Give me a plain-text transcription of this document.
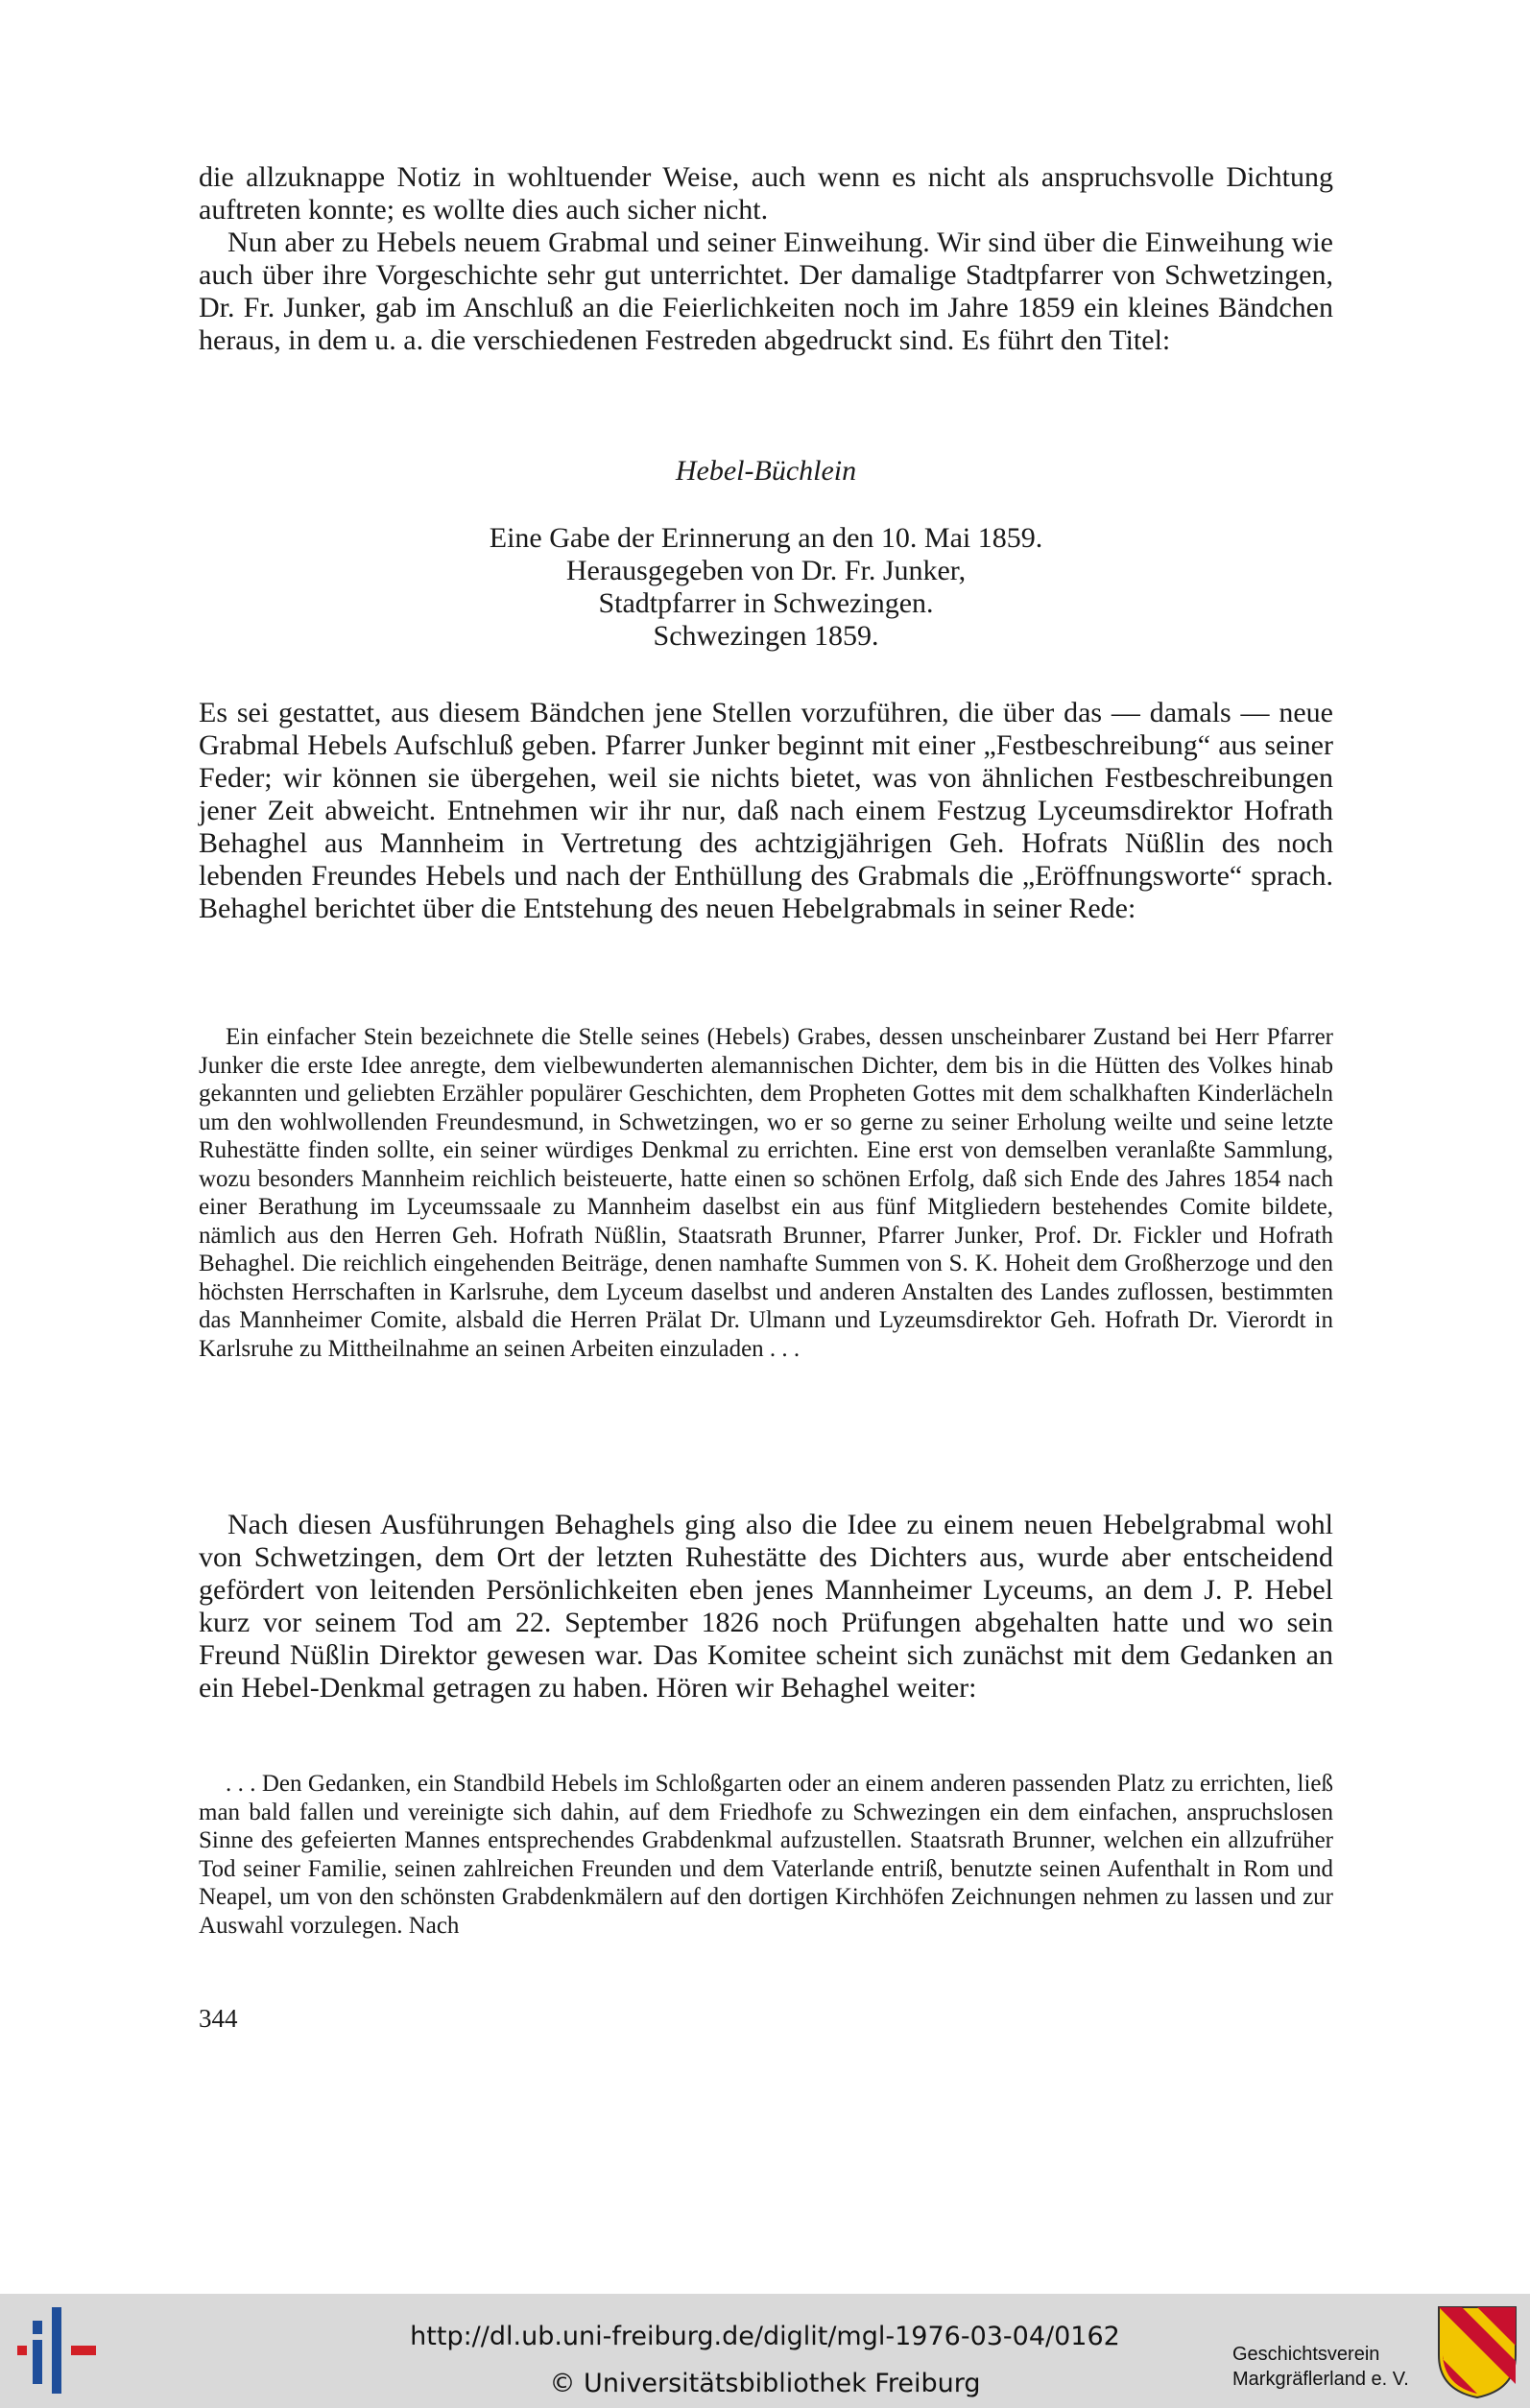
die allzuknappe Notiz in wohltuender Weise, auch wenn es nicht als anspruchsvolle Dichtung auftreten konnte; es wollte dies auch sicher nicht.

Nun aber zu Hebels neuem Grabmal und seiner Einweihung. Wir sind über die Einweihung wie auch über ihre Vorgeschichte sehr gut unterrichtet. Der damalige Stadtpfarrer von Schwetzingen, Dr. Fr. Junker, gab im Anschluß an die Feierlichkeiten noch im Jahre 1859 ein kleines Bändchen heraus, in dem u. a. die verschiedenen Festreden abgedruckt sind. Es führt den Titel:

Hebel-Büchlein

Eine Gabe der Erinnerung an den 10. Mai 1859.

Herausgegeben von Dr. Fr. Junker,

Stadtpfarrer in Schwezingen.

Schwezingen 1859.

Es sei gestattet, aus diesem Bändchen jene Stellen vorzuführen, die über das — damals — neue Grabmal Hebels Aufschluß geben. Pfarrer Junker beginnt mit einer „Festbeschreibung“ aus seiner Feder; wir können sie übergehen, weil sie nichts bietet, was von ähnlichen Festbeschreibungen jener Zeit abweicht. Entnehmen wir ihr nur, daß nach einem Festzug Lyceumsdirektor Hofrath Behaghel aus Mannheim in Vertretung des achtzigjährigen Geh. Hofrats Nüßlin des noch lebenden Freundes Hebels und nach der Enthüllung des Grabmals die „Eröffnungsworte“ sprach. Behaghel berichtet über die Entstehung des neuen Hebelgrabmals in seiner Rede:

Ein einfacher Stein bezeichnete die Stelle seines (Hebels) Grabes, dessen unscheinbarer Zustand bei Herr Pfarrer Junker die erste Idee anregte, dem vielbewunderten alemannischen Dichter, dem bis in die Hütten des Volkes hinab gekannten und geliebten Erzähler populärer Geschichten, dem Propheten Gottes mit dem schalkhaften Kinderlächeln um den wohlwollenden Freundesmund, in Schwetzingen, wo er so gerne zu seiner Erholung weilte und seine letzte Ruhestätte finden sollte, ein seiner würdiges Denkmal zu errichten. Eine erst von demselben veranlaßte Sammlung, wozu besonders Mannheim reichlich beisteuerte, hatte einen so schönen Erfolg, daß sich Ende des Jahres 1854 nach einer Berathung im Lyceumssaale zu Mannheim daselbst ein aus fünf Mitgliedern bestehendes Comite bildete, nämlich aus den Herren Geh. Hofrath Nüßlin, Staatsrath Brunner, Pfarrer Junker, Prof. Dr. Fickler und Hofrath Behaghel. Die reichlich eingehenden Beiträge, denen namhafte Summen von S. K. Hoheit dem Großherzoge und den höchsten Herrschaften in Karlsruhe, dem Lyceum daselbst und anderen Anstalten des Landes zuflossen, bestimmten das Mannheimer Comite, alsbald die Herren Prälat Dr. Ulmann und Lyzeumsdirektor Geh. Hofrath Dr. Vierordt in Karlsruhe zu Mittheilnahme an seinen Arbeiten einzuladen . . .

Nach diesen Ausführungen Behaghels ging also die Idee zu einem neuen Hebelgrabmal wohl von Schwetzingen, dem Ort der letzten Ruhestätte des Dichters aus, wurde aber entscheidend gefördert von leitenden Persönlichkeiten eben jenes Mannheimer Lyceums, an dem J. P. Hebel kurz vor seinem Tod am 22. September 1826 noch Prüfungen abgehalten hatte und wo sein Freund Nüßlin Direktor gewesen war. Das Komitee scheint sich zunächst mit dem Gedanken an ein Hebel-Denkmal getragen zu haben. Hören wir Behaghel weiter:

. . . Den Gedanken, ein Standbild Hebels im Schloßgarten oder an einem anderen passenden Platz zu errichten, ließ man bald fallen und vereinigte sich dahin, auf dem Friedhofe zu Schwezingen ein dem einfachen, anspruchslosen Sinne des gefeierten Mannes entsprechendes Grabdenkmal aufzustellen. Staatsrath Brunner, welchen ein allzufrüher Tod seiner Familie, seinen zahlreichen Freunden und dem Vaterlande entriß, benutzte seinen Aufenthalt in Rom und Neapel, um von den schönsten Grabdenkmälern auf den dortigen Kirchhöfen Zeichnungen nehmen zu lassen und zur Auswahl vorzulegen. Nach

344
http://dl.ub.uni-freiburg.de/diglit/mgl-1976-03-04/0162
© Universitätsbibliothek Freiburg
Geschichtsverein
Markgräflerland e. V.
